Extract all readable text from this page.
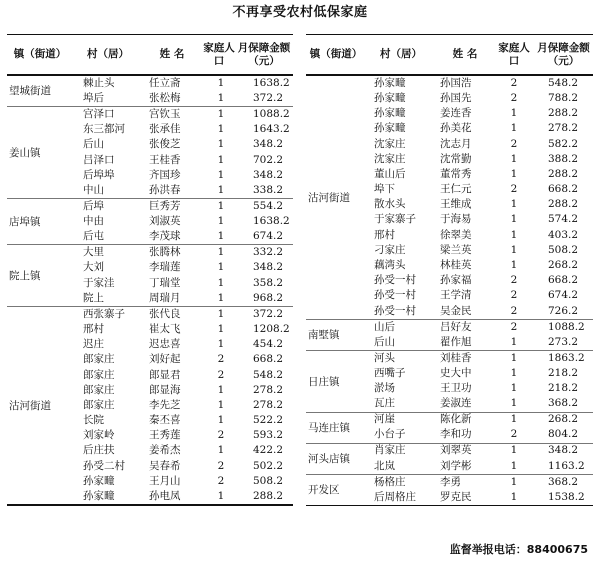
不再享受农村低保家庭
镇（街道）	村（居）	姓 名
家庭人口
月保障金额（元）
望城街道
棘止头	任立斋	1	1638.2
埠后	张松梅	1	372.2
姜山镇
宫泽口	宫钦玉	1	1088.2
东三都河	张承佳	1	1643.2
后山	张俊芝	1	348.2
吕泽口	王桂香	1	702.2
后埠埠	齐国珍	1	348.2
中山	孙洪春	1	338.2
店埠镇
后埠	巨秀芳	1	554.2
中由	刘淑英	1	1638.2
后屯	李茂球	1	674.2
院上镇
大里	张腾林	1	332.2
大刘	李瑞莲	1	348.2
于家洼	丁瑞堂	1	358.2
院上	周瑞月	1	968.2
沽河街道
西张寨子	张代良	1	372.2
邢村	崔太飞	1	1208.2
迟庄	迟忠喜	1	454.2
郎家庄	刘好起	2	668.2
郎家庄	郎显君	2	548.2
郎家庄	郎显海	1	278.2
郎家庄	李先芝	1	278.2
长院	秦丕喜	1	522.2
刘家岭	王秀莲	2	593.2
后庄扶	姜希杰	1	422.2
孙受二村	吴春希	2	502.2
孙家疃	王月山	2	508.2
孙家疃	孙电凤	1	288.2
镇（街道）	村（居）	姓 名
家庭人口
月保障金额（元）
沽河街道
孙家疃	孙国浩	2	548.2
孙家疃	孙国先	2	788.2
孙家疃	姜连香	1	288.2
孙家疃	孙美花	1	278.2
沈家庄	沈志月	2	582.2
沈家庄	沈常勤	1	388.2
董山后	董常秀	1	288.2
埠下	王仁元	2	668.2
散水头	王维成	1	288.2
于家寨子	于海易	1	574.2
邢村	徐翠美	1	403.2
刁家庄	梁兰英	1	508.2
藕湾头	林桂英	1	268.2
孙受一村	孙家福	2	668.2
孙受一村	王学清	2	674.2
孙受一村	吴金民	2	726.2
南墅镇
山后	吕好友	2	1088.2
后山	翟作旭	1	273.2
日庄镇
河头	刘桂香	1	1863.2
西嘴子	史大中	1	218.2
淤场	王卫功	1	218.2
瓦庄	姜淑连	1	368.2
马连庄镇
河崖	陈化新	1	268.2
小台子	李和功	2	804.2
河头店镇
肖家庄	刘翠英	1	348.2
北岚	刘学彬	1	1163.2
开发区
杨格庄	李勇	1	368.2
后周格庄	罗克民	1	1538.2
监督举报电话：88400675
